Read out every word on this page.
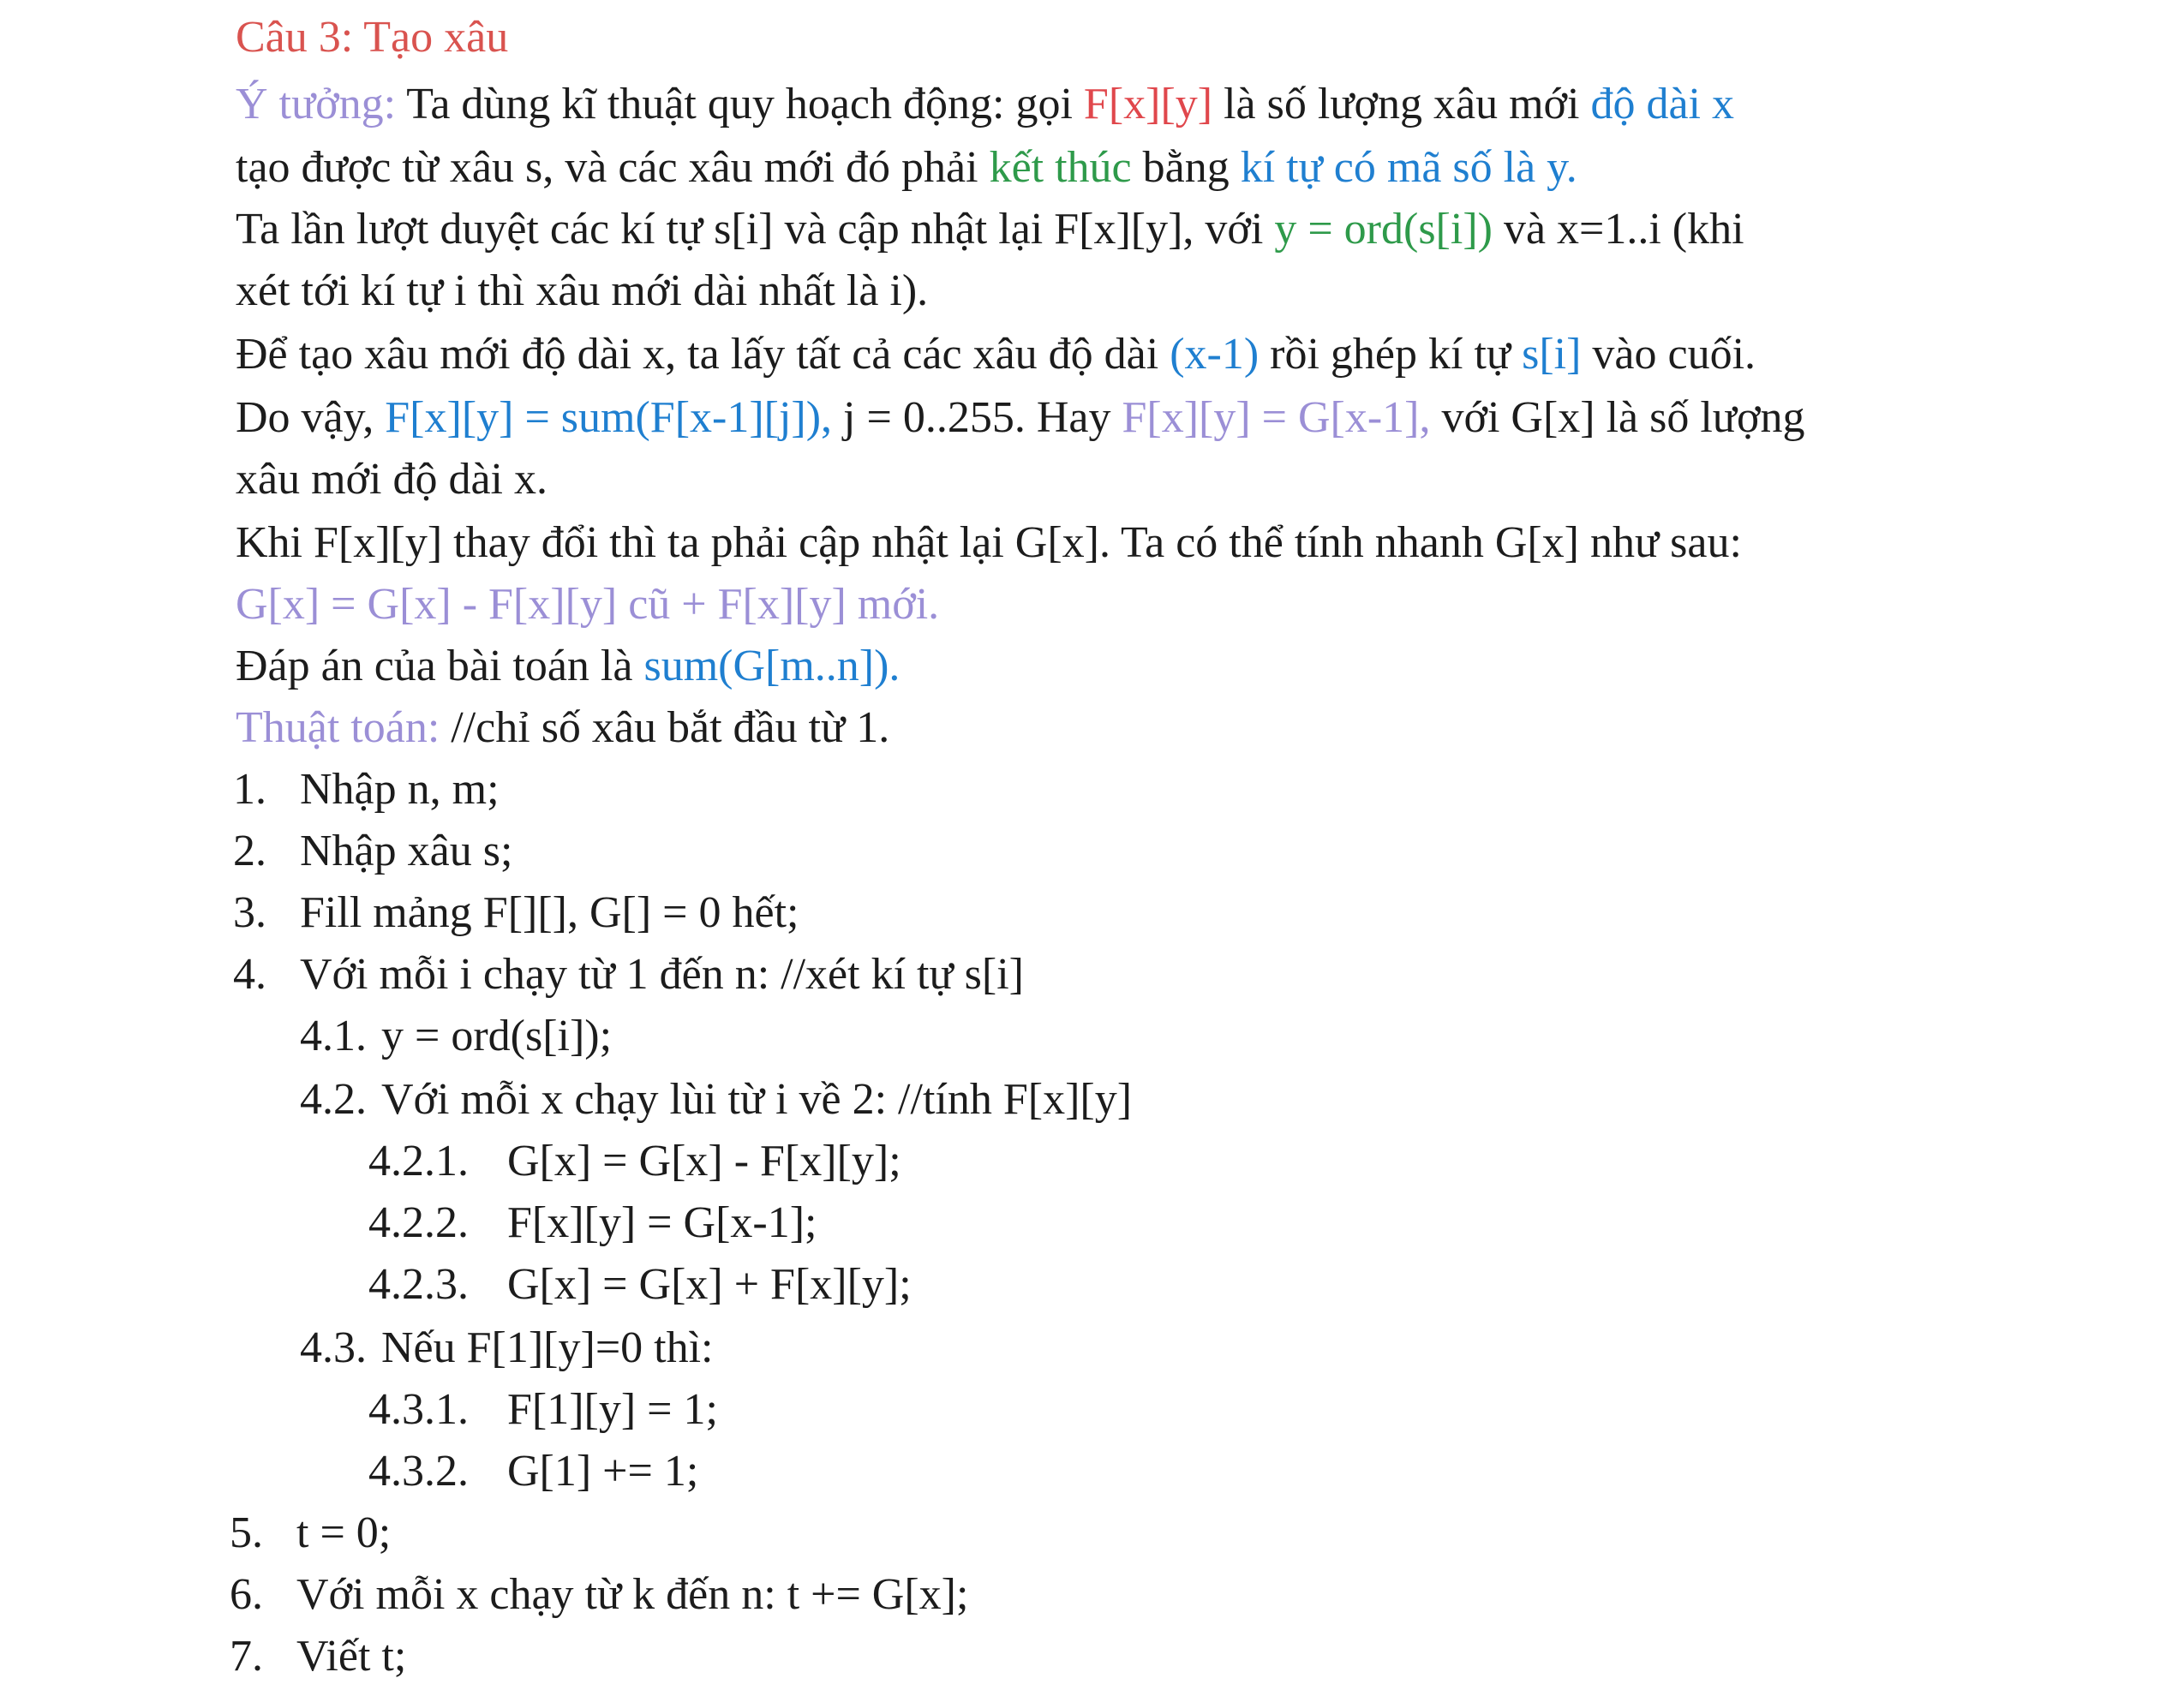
Câu 3: Tạo xâu
Ý tưởng: Ta dùng kĩ thuật quy hoạch động: gọi F[x][y] là số lượng xâu mới độ dài x
tạo được từ xâu s, và các xâu mới đó phải kết thúc bằng kí tự có mã số là y.
Ta lần lượt duyệt các kí tự s[i] và cập nhật lại F[x][y], với y = ord(s[i]) và x=1..i (khi
xét tới kí tự i thì xâu mới dài nhất là i).
Để tạo xâu mới độ dài x, ta lấy tất cả các xâu độ dài (x-1) rồi ghép kí tự s[i] vào cuối.
Do vậy, F[x][y] = sum(F[x-1][j]), j = 0..255. Hay F[x][y] = G[x-1], với G[x] là số lượng
xâu mới độ dài x.
Khi F[x][y] thay đổi thì ta phải cập nhật lại G[x]. Ta có thể tính nhanh G[x] như sau:
G[x] = G[x] - F[x][y] cũ + F[x][y] mới.
Đáp án của bài toán là sum(G[m..n]).
Thuật toán: //chỉ số xâu bắt đầu từ 1.
1. Nhập n, m;
2. Nhập xâu s;
3. Fill mảng F[][], G[] = 0 hết;
4. Với mỗi i chạy từ 1 đến n: //xét kí tự s[i]
4.1. y = ord(s[i]);
4.2. Với mỗi x chạy lùi từ i về 2: //tính F[x][y]
4.2.1. G[x] = G[x] - F[x][y];
4.2.2. F[x][y] = G[x-1];
4.2.3. G[x] = G[x] + F[x][y];
4.3. Nếu F[1][y]=0 thì:
4.3.1. F[1][y] = 1;
4.3.2. G[1] += 1;
5. t = 0;
6. Với mỗi x chạy từ k đến n: t += G[x];
7. Viết t;
